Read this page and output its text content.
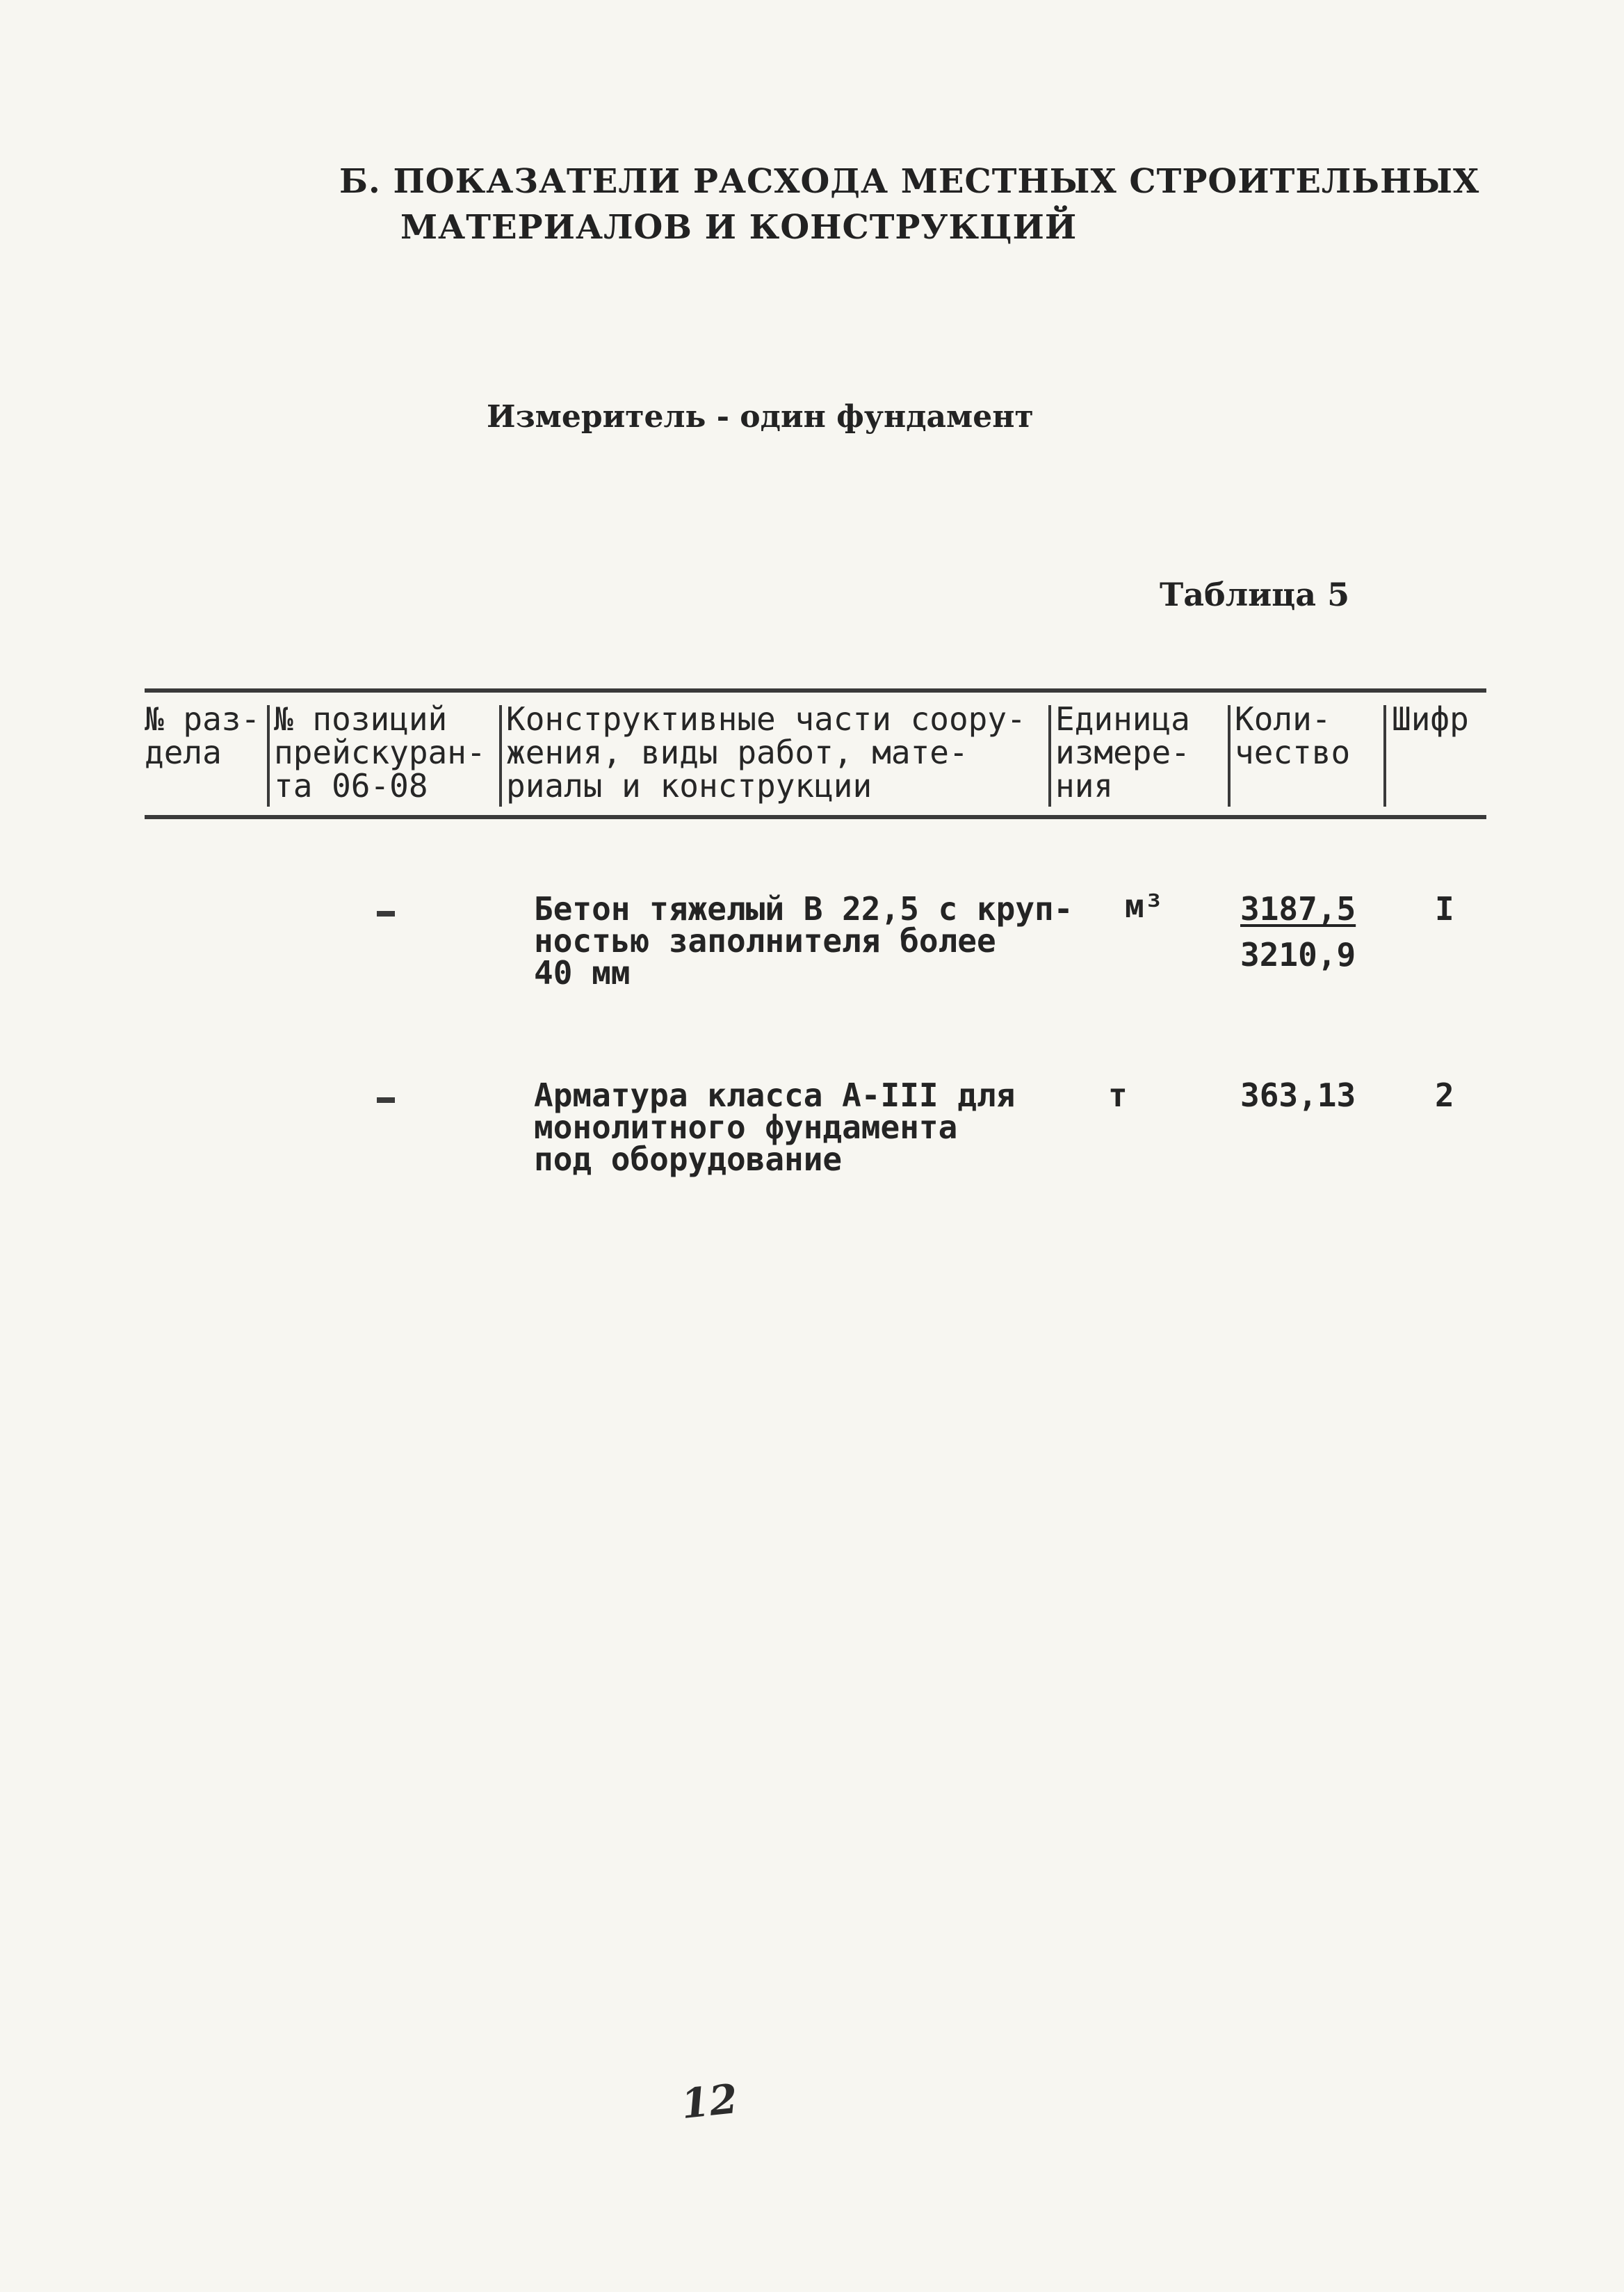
Б. ПОКАЗАТЕЛИ РАСХОДА МЕСТНЫХ СТРОИТЕЛЬНЫХ

МАТЕРИАЛОВ И КОНСТРУКЦИЙ
Измеритель - один фундамент
Таблица 5
№ раз-
дела
№ позиций
прейскуран-
та 06-08
Конструктивные части соору-
жения, виды работ, мате-
риалы и конструкции
Единица
измере-
ния
Коли-
чество
Шифр
Бетон тяжелый В 22,5 с круп-
ностью заполнителя более
40 мм
м³ 3187,5
3210,9
I
Арматура класса А-III для
монолитного фундамента
под оборудование
т	363,13 2
12
